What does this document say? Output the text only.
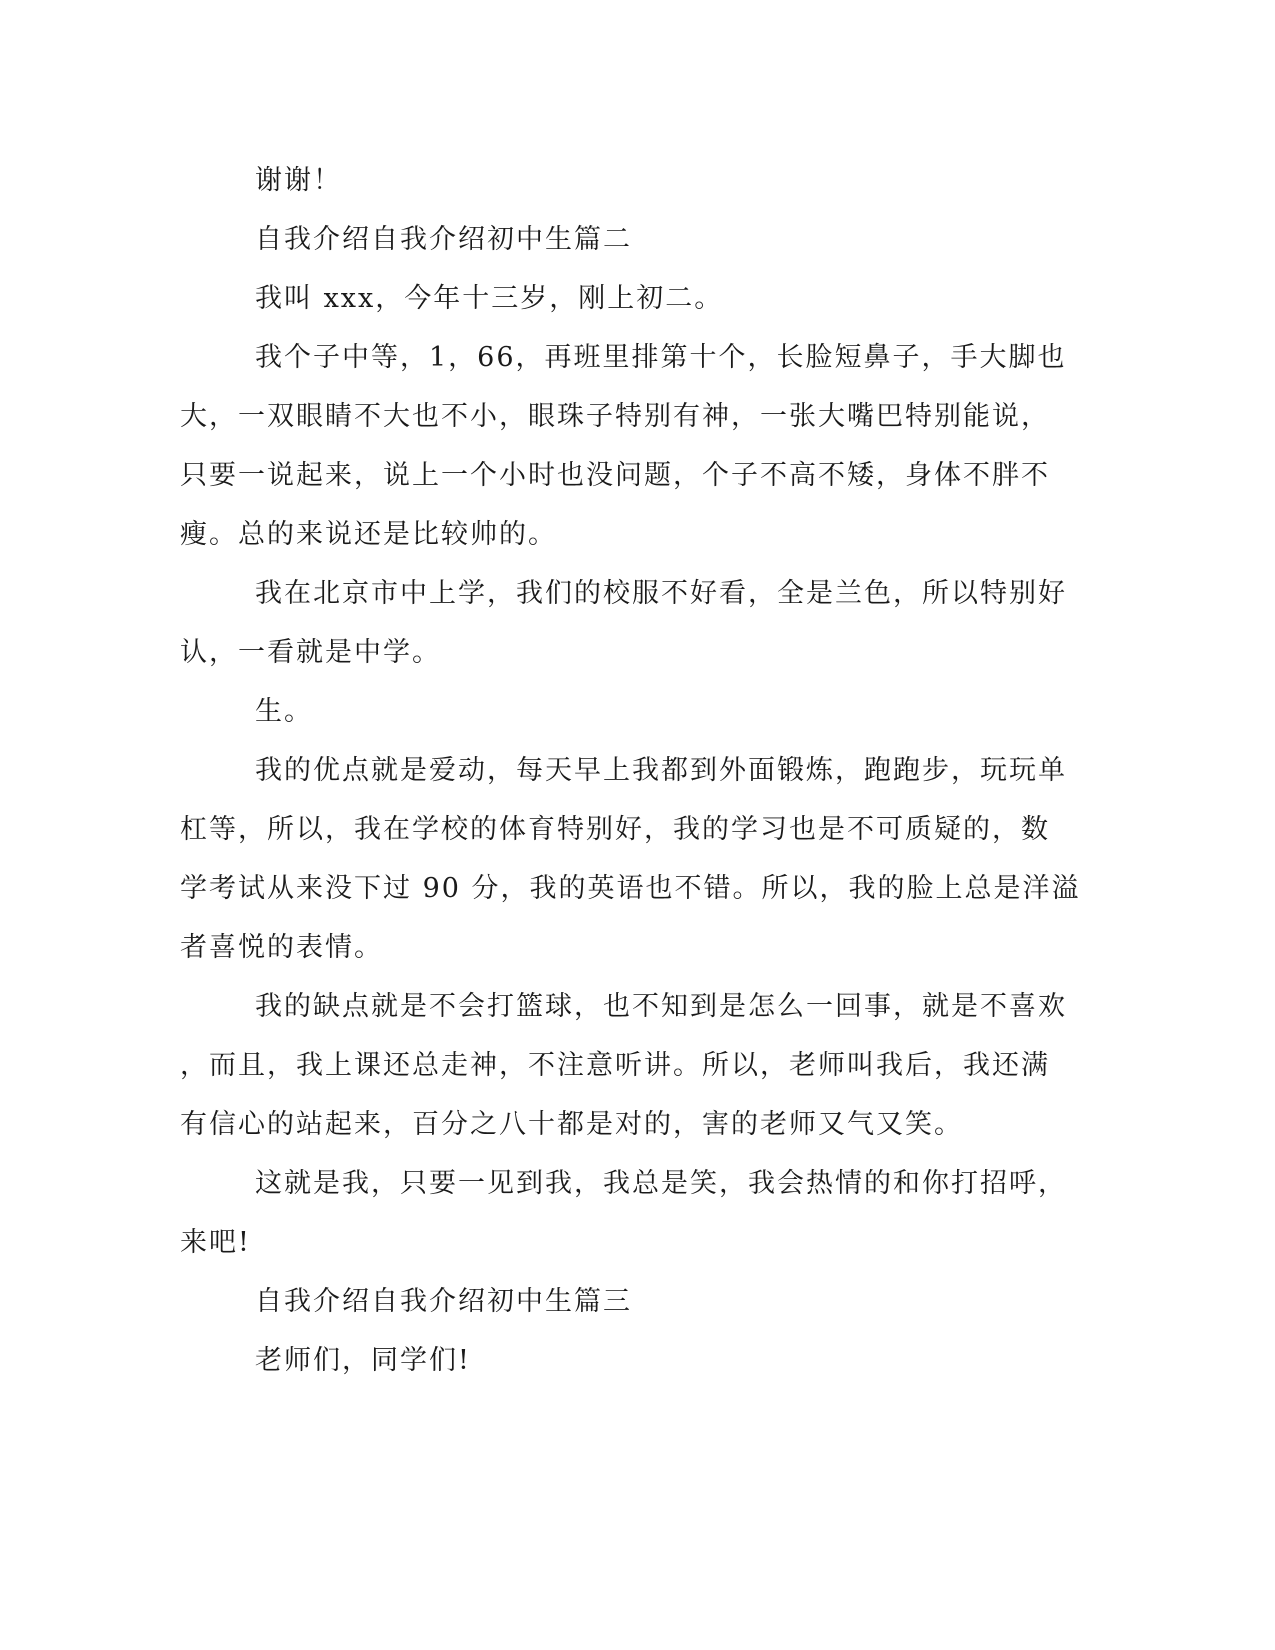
谢谢！
自我介绍自我介绍初中生篇二
我叫 xxx，今年十三岁，刚上初二。
我个子中等，1，66，再班里排第十个，长脸短鼻子，手大脚也
大，一双眼睛不大也不小，眼珠子特别有神，一张大嘴巴特别能说，
只要一说起来，说上一个小时也没问题，个子不高不矮，身体不胖不
瘦。总的来说还是比较帅的。
我在北京市中上学，我们的校服不好看，全是兰色，所以特别好
认，一看就是中学。
生。
我的优点就是爱动，每天早上我都到外面锻炼，跑跑步，玩玩单
杠等，所以，我在学校的体育特别好，我的学习也是不可质疑的，数
学考试从来没下过 90 分，我的英语也不错。所以，我的脸上总是洋溢
者喜悦的表情。
我的缺点就是不会打篮球，也不知到是怎么一回事，就是不喜欢
，而且，我上课还总走神，不注意听讲。所以，老师叫我后，我还满
有信心的站起来，百分之八十都是对的，害的老师又气又笑。
这就是我，只要一见到我，我总是笑，我会热情的和你打招呼，
来吧!
自我介绍自我介绍初中生篇三
老师们，同学们!
